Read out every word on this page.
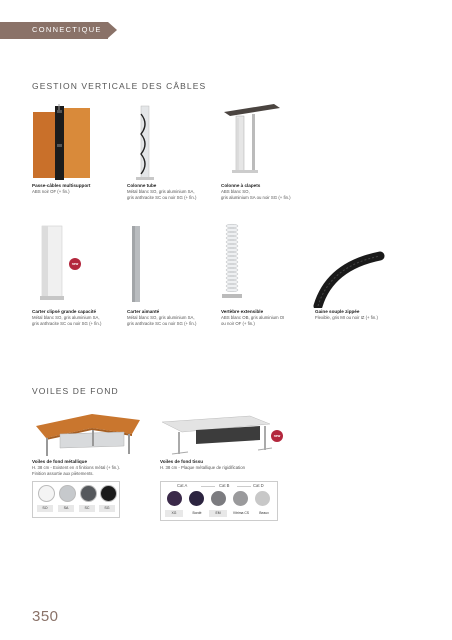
CONNECTIQUE
GESTION VERTICALE DES CÂBLES
Passe-câbles multisupport
ABS noir OF (+ fin.)
Colonne tube
Métal blanc SO, gris aluminium SA,
gris anthracite SC ou noir SG (+ fin.)
Colonne à clapets
ABS blanc SO,
gris aluminium SA ou noir SG (+ fin.)
new
Carter clipsé grande capacité
Métal blanc SO, gris aluminium SA,
gris anthracite SC ou noir SG (+ fin.)
Carter aimanté
Métal blanc SO, gris aluminium SA,
gris anthracite SC ou noir SG (+ fin.)
Vertèbre extensible
ABS blanc OB, gris aluminium OI
ou noir OF (+ fin.)
Gaine souple zippée
Flexible, gris MI ou noir IZ (+ fin.)
VOILES DE FOND
new
Voiles de fond métallique
H. 38 cm - Existent en 4 finitions métal (+ fin.).
Finition assortie aux piètements.
Voiles de fond tissu
H. 38 cm - Plaque métallique de rigidification
SO	SA	SC	SG
Cat A	Cat B	Cat D
XG	Bordé	EM	Vitrima CS	Beaux
350
